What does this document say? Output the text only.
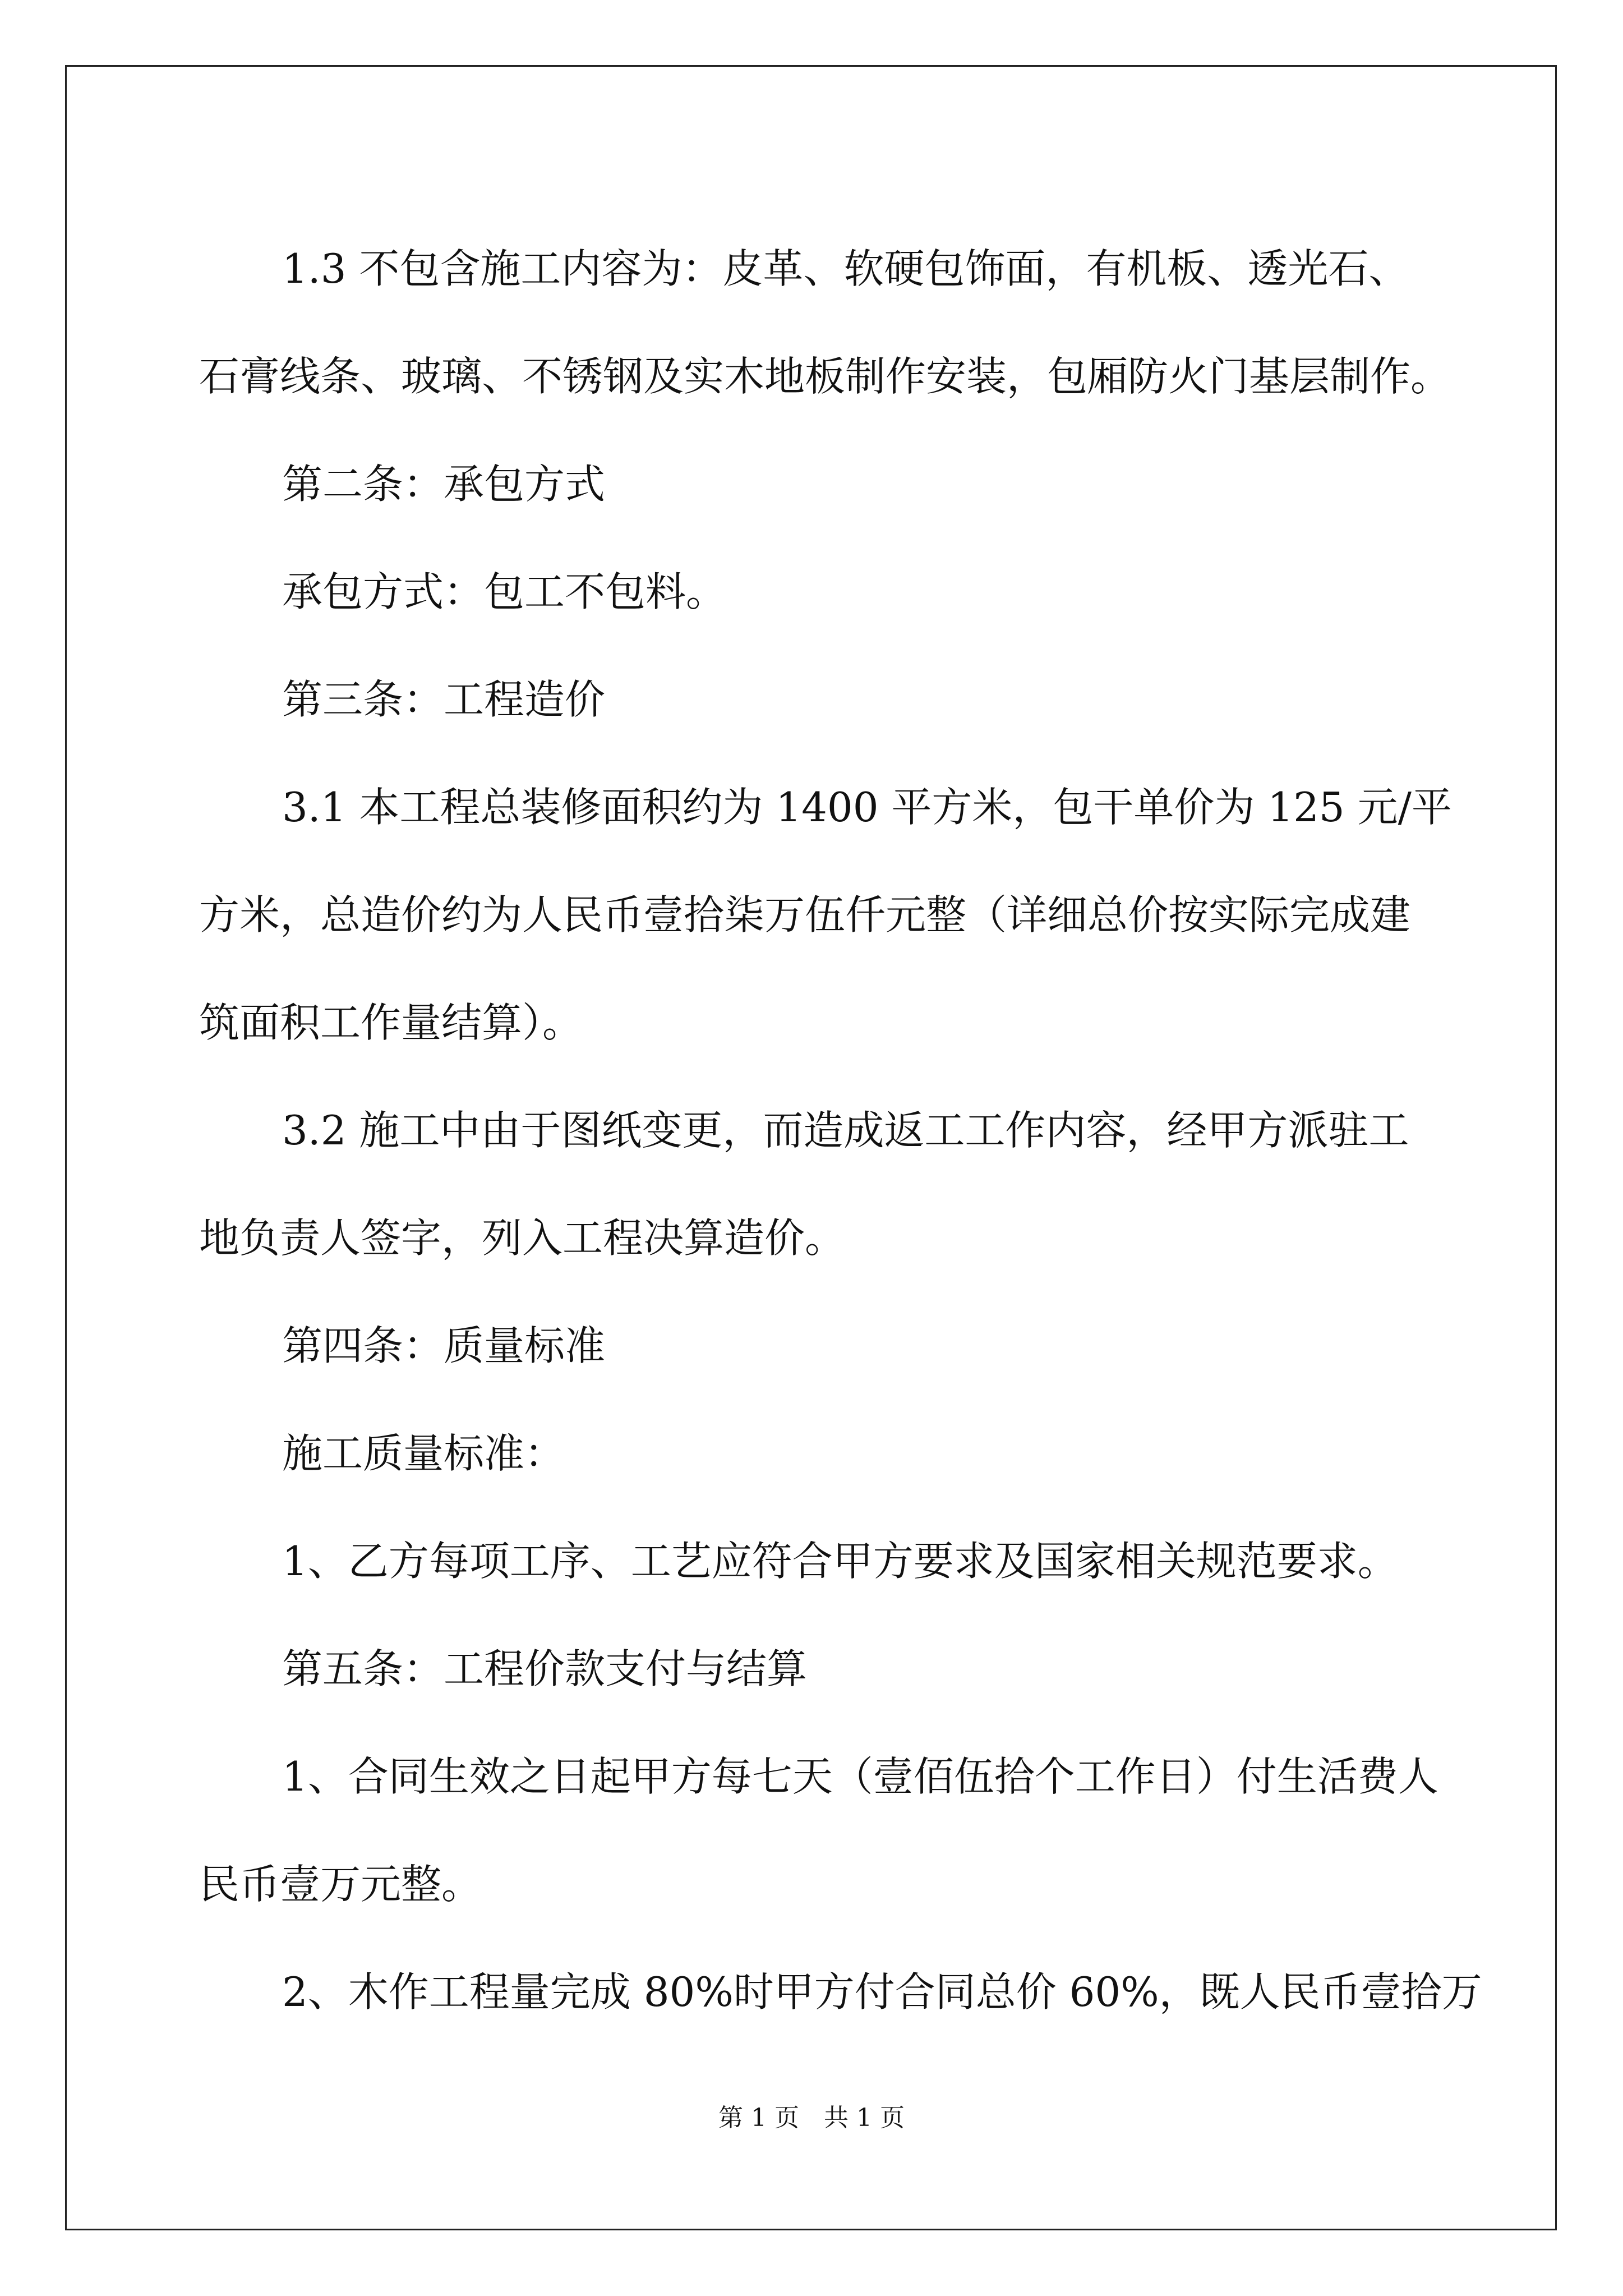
1.3 不包含施工内容为：皮革、软硬包饰面，有机板、透光石、

石膏线条、玻璃、不锈钢及实木地板制作安装，包厢防火门基层制作。

第二条：承包方式

承包方式：包工不包料。

第三条：工程造价

3.1 本工程总装修面积约为 1400 平方米，包干单价为 125 元/平

方米，总造价约为人民币壹拾柒万伍仟元整（详细总价按实际完成建

筑面积工作量结算）。

3.2 施工中由于图纸变更，而造成返工工作内容，经甲方派驻工

地负责人签字，列入工程决算造价。

第四条：质量标准

施工质量标准：

1、乙方每项工序、工艺应符合甲方要求及国家相关规范要求。

第五条：工程价款支付与结算

1、合同生效之日起甲方每七天（壹佰伍拾个工作日）付生活费人

民币壹万元整。

2、木作工程量完成 80%时甲方付合同总价 60%，既人民币壹拾万

第 1 页　共 1 页
